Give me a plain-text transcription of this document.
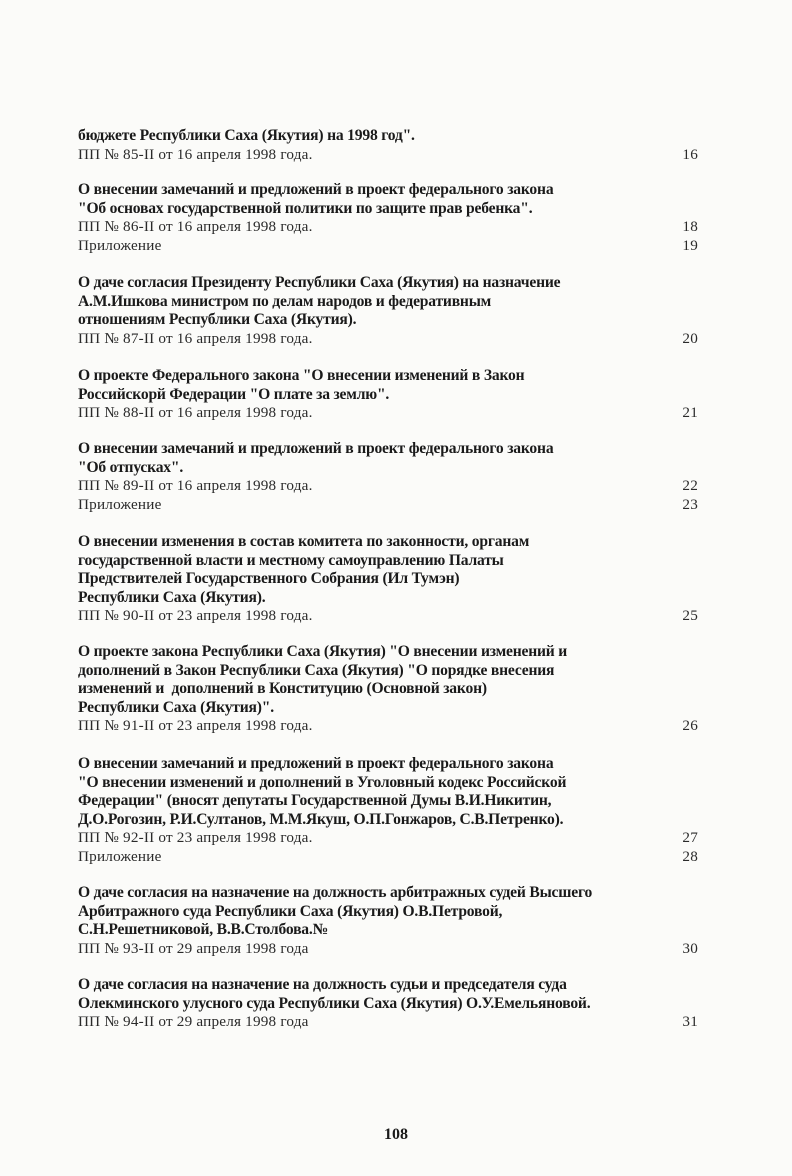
бюджете Республики Саха (Якутия) на 1998 год".
ПП № 85-II от 16 апреля 1998 года.	16
О внесении замечаний и предложений в проект федерального закона
"Об основах государственной политики по защите прав ребенка".
ПП № 86-II от 16 апреля 1998 года.	18
Приложение	19
О даче согласия Президенту Республики Саха (Якутия) на назначение
А.М.Ишкова министром по делам народов и федеративным
отношениям Республики Саха (Якутия).
ПП № 87-II от 16 апреля 1998 года.	20
О проекте Федерального закона "О внесении изменений в Закон
Российскорй Федерации "О плате за землю".
ПП № 88-II от 16 апреля 1998 года.	21
О внесении замечаний и предложений в проект федерального закона
"Об отпусках".
ПП № 89-II от 16 апреля 1998 года.	22
Приложение	23
О внесении изменения в состав комитета по законности, органам
государственной власти и местному самоуправлению Палаты
Предствителей Государственного Собрания (Ил Тумэн)
Республики Саха (Якутия).
ПП № 90-II от 23 апреля 1998 года.	25
О проекте закона Республики Саха (Якутия) "О внесении изменений и
дополнений в Закон Республики Саха (Якутия) "О порядке внесения
изменений и  дополнений в Конституцию (Основной закон)
Республики Саха (Якутия)".
ПП № 91-II от 23 апреля 1998 года.	26
О внесении замечаний и предложений в проект федерального закона
"О внесении изменений и дополнений в Уголовный кодекс Российской
Федерации" (вносят депутаты Государственной Думы В.И.Никитин,
Д.О.Рогозин, Р.И.Султанов, М.М.Якуш, О.П.Гонжаров, С.В.Петренко).
ПП № 92-II от 23 апреля 1998 года.	27
Приложение	28
О даче согласия на назначение на должность арбитражных судей Высшего
Арбитражного суда Республики Саха (Якутия) О.В.Петровой,
С.Н.Решетниковой, В.В.Столбова.№
ПП № 93-II от 29 апреля 1998 года	30
О даче согласия на назначение на должность судьи и председателя суда
Олекминского улусного суда Республики Саха (Якутия) О.У.Емельяновой.
ПП № 94-II от 29 апреля 1998 года	31
108
